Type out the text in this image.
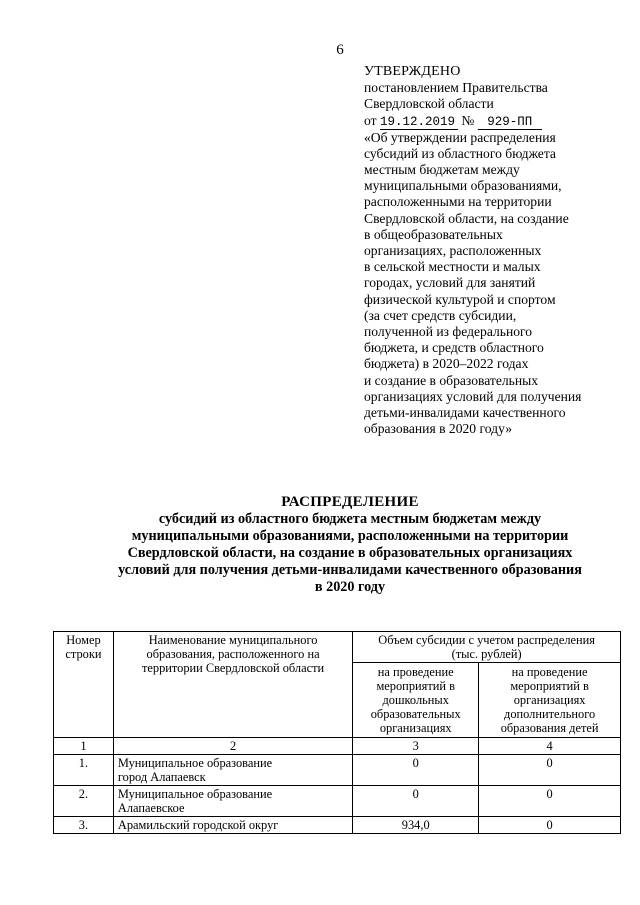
6
УТВЕРЖДЕНО
постановлением Правительства
Свердловской области
от 19.12.2019 № 929-ПП
«Об утверждении распределения
субсидий из областного бюджета
местным бюджетам между
муниципальными образованиями,
расположенными на территории
Свердловской области, на создание
в общеобразовательных
организациях, расположенных
в сельской местности и малых
городах, условий для занятий
физической культурой и спортом
(за счет средств субсидии,
полученной из федерального
бюджета, и средств областного
бюджета) в 2020–2022 годах
и создание в образовательных
организациях условий для получения
детьми-инвалидами качественного
образования в 2020 году»
РАСПРЕДЕЛЕНИЕ
субсидий из областного бюджета местным бюджетам между
муниципальными образованиями, расположенными на территории
Свердловской области, на создание в образовательных организациях
условий для получения детьми-инвалидами качественного образования
в 2020 году
Номер строки	Наименование муниципального образования, расположенного на территории Свердловской области	Объем субсидии с учетом распределения (тыс. рублей)	
		на проведение мероприятий в дошкольных образовательных организациях	на проведение мероприятий в организациях дополнительного образования детей
1	2	3	4
1.	Муниципальное образование город Алапаевск	0	0
2.	Муниципальное образование Алапаевское	0	0
3.	Арамильский городской округ	934,0	0
